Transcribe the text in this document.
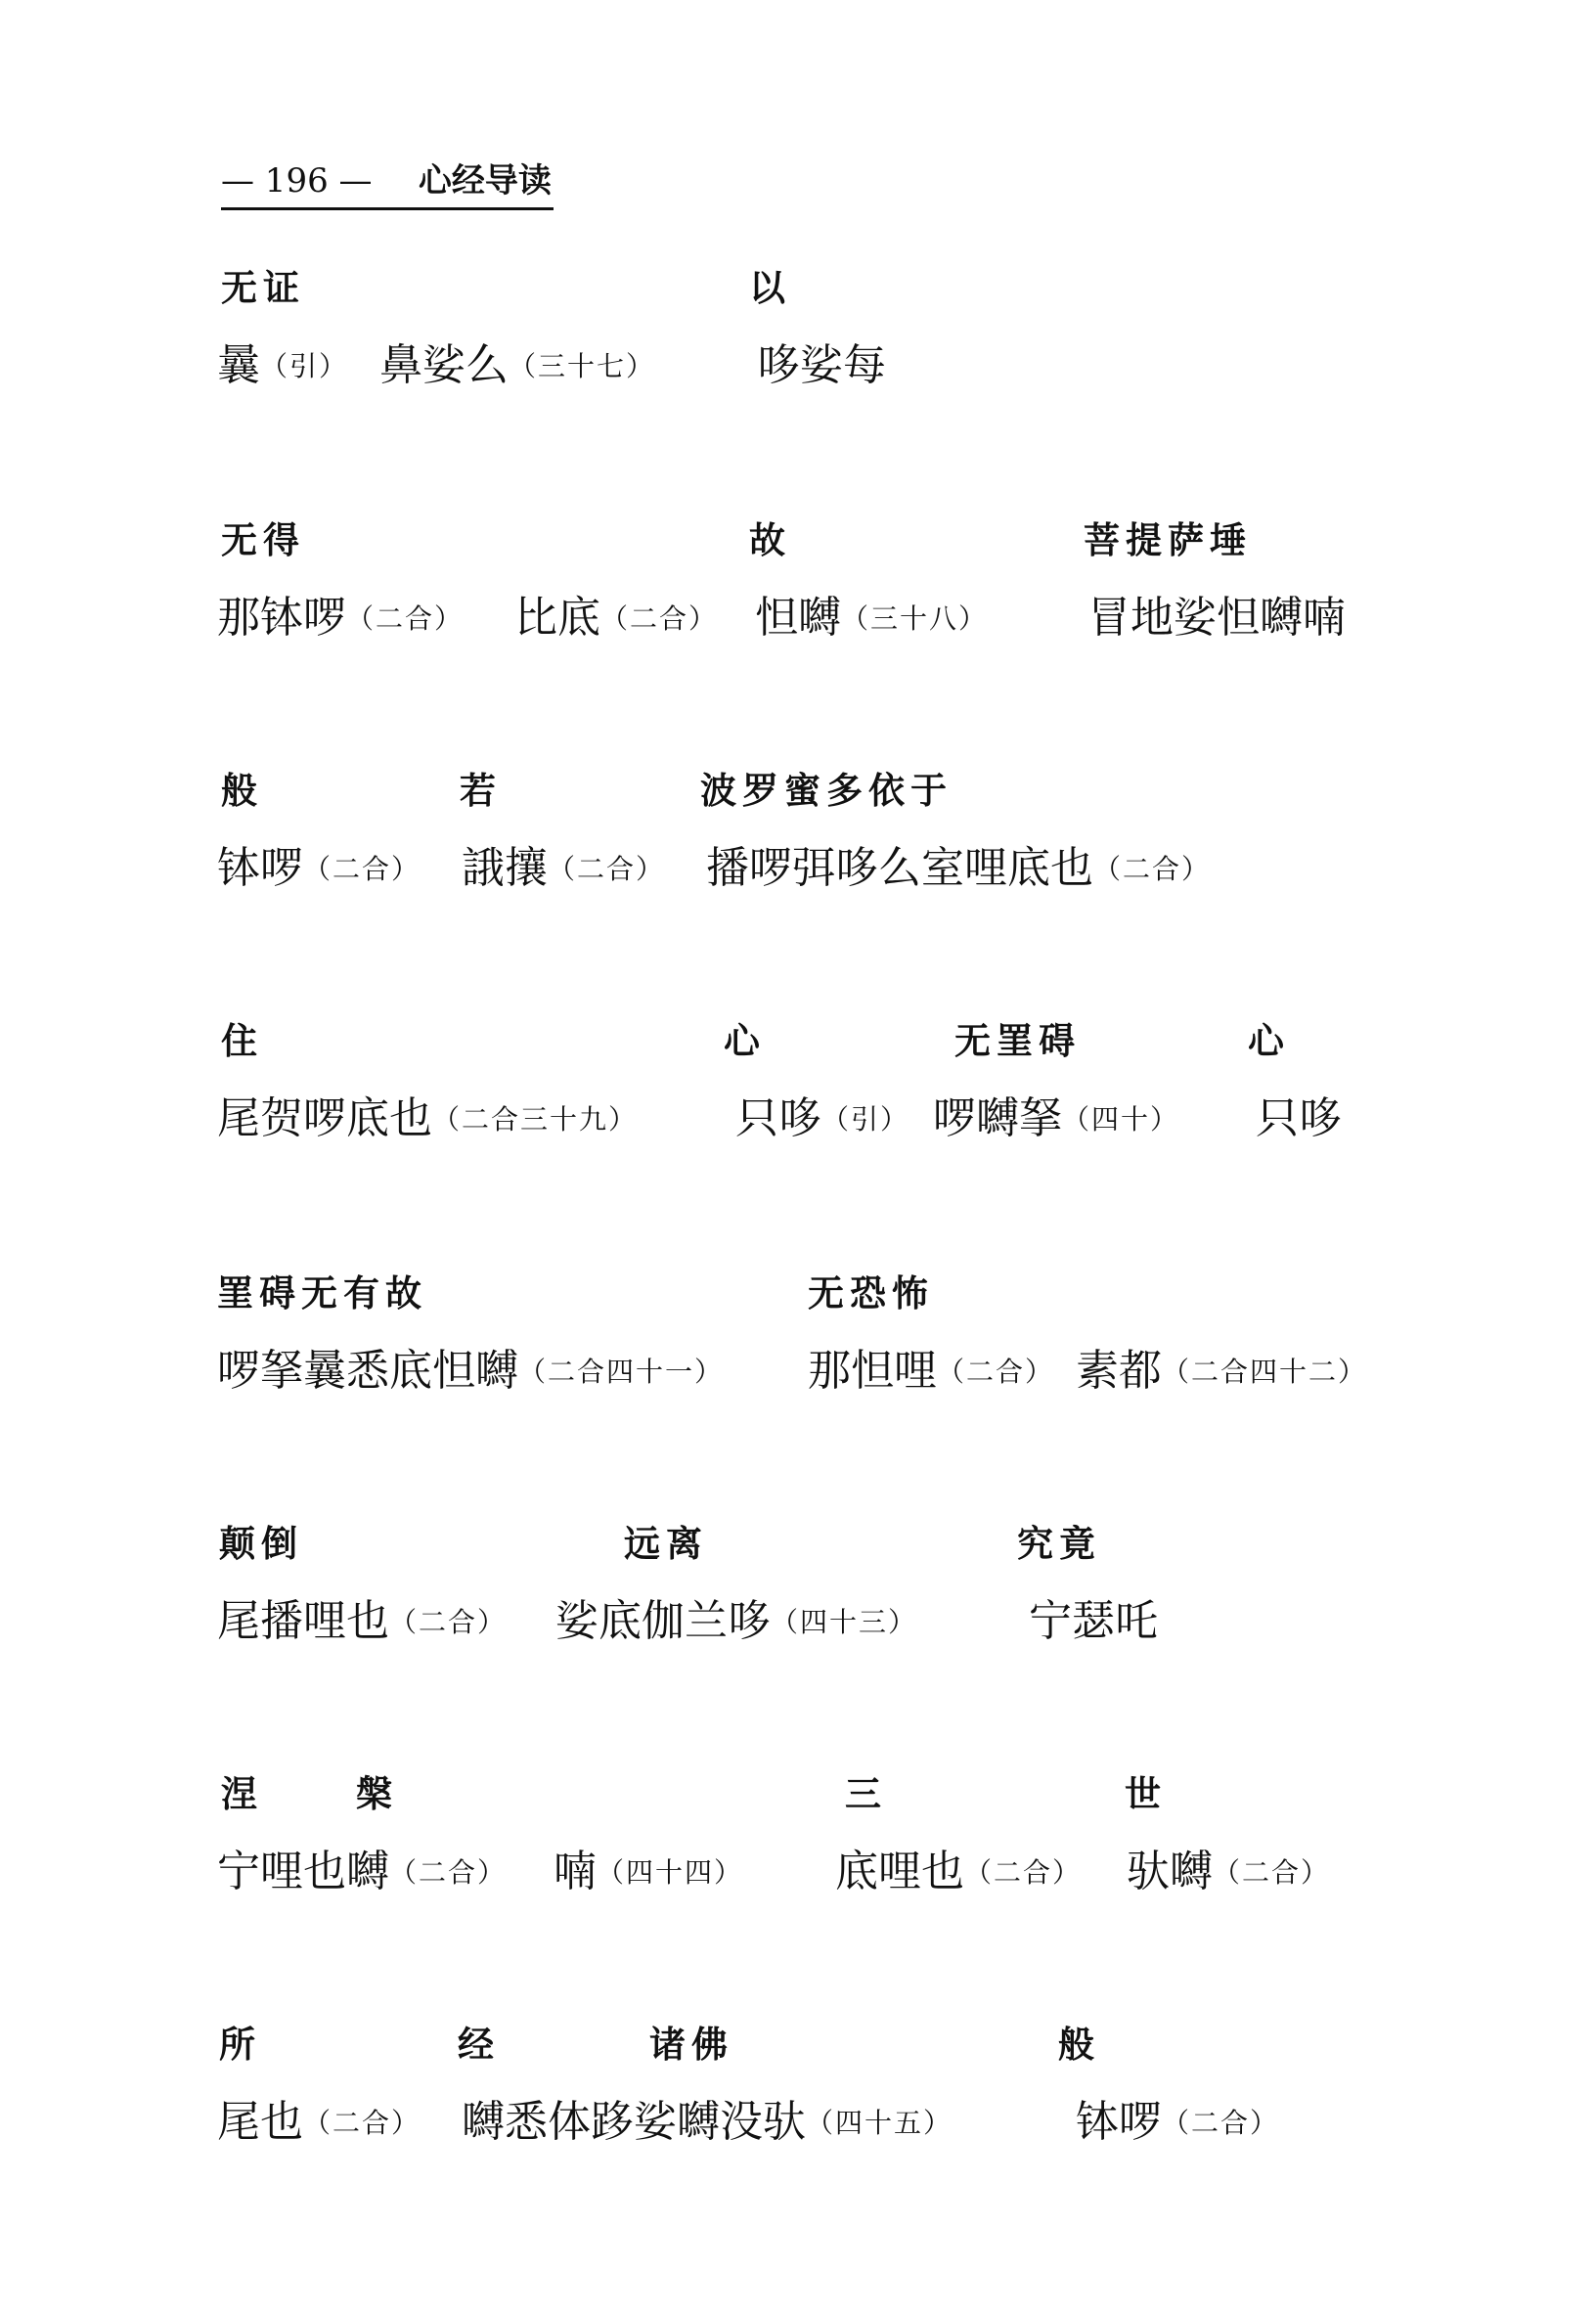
— 196 — 心经导读
无证	以
曩（引） 鼻娑么（三十七） 哆娑每
无得	故	菩提萨埵
那钵啰（二合） 比底（二合） 怛嚩（三十八） 冒地娑怛嚩喃
般	若	波罗蜜多依于
钵啰（二合） 誐攘（二合） 播啰弭哆么室哩底也（二合）
住	心	无罣碍	心
尾贺啰底也（二合三十九） 只哆（引） 啰嚩拏（四十） 只哆
罣碍无有故	无恐怖
啰拏曩悉底怛嚩（二合四十一） 那怛哩（二合） 素都（二合四十二）
颠倒	远离	究竟
尾播哩也（二合） 娑底伽兰哆（四十三）	宁瑟吒
涅	槃	三	世
宁哩也嚩（二合） 喃（四十四） 底哩也（二合） 驮嚩（二合）
所	经	诸佛	般
尾也（二合） 嚩悉体跢娑嚩没驮（四十五）	钵啰（二合）
